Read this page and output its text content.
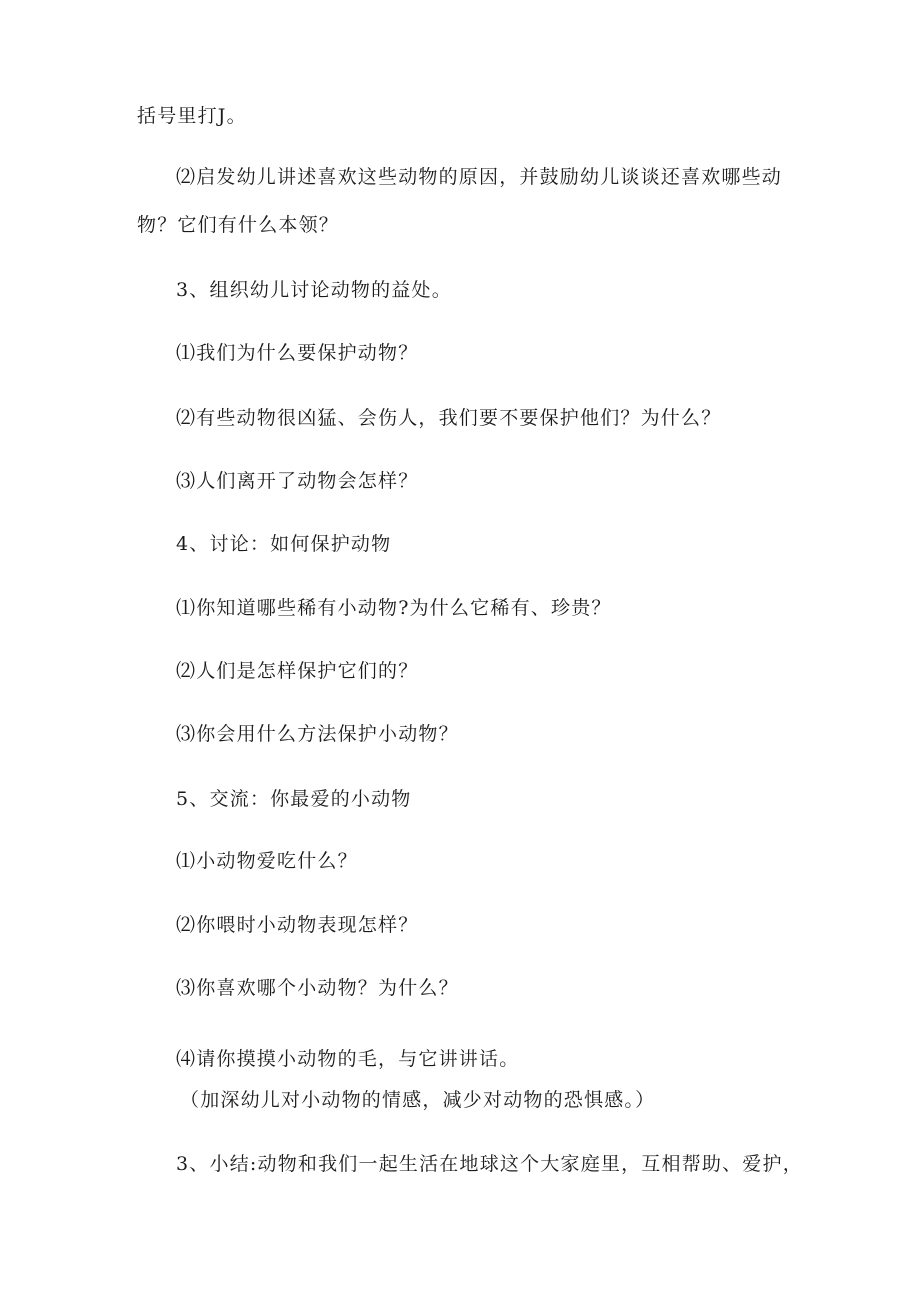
括号里打J。

⑵启发幼儿讲述喜欢这些动物的原因，并鼓励幼儿谈谈还喜欢哪些动

物？它们有什么本领？

3、组织幼儿讨论动物的益处。

⑴我们为什么要保护动物？

⑵有些动物很凶猛、会伤人，我们要不要保护他们？为什么？

⑶人们离开了动物会怎样？

4、讨论：如何保护动物

⑴你知道哪些稀有小动物?为什么它稀有、珍贵？

⑵人们是怎样保护它们的？

⑶你会用什么方法保护小动物？

5、交流：你最爱的小动物

⑴小动物爱吃什么？

⑵你喂时小动物表现怎样？

⑶你喜欢哪个小动物？为什么？

⑷请你摸摸小动物的毛，与它讲讲话。

（加深幼儿对小动物的情感，减少对动物的恐惧感。）

3、小结:动物和我们一起生活在地球这个大家庭里，互相帮助、爱护，
